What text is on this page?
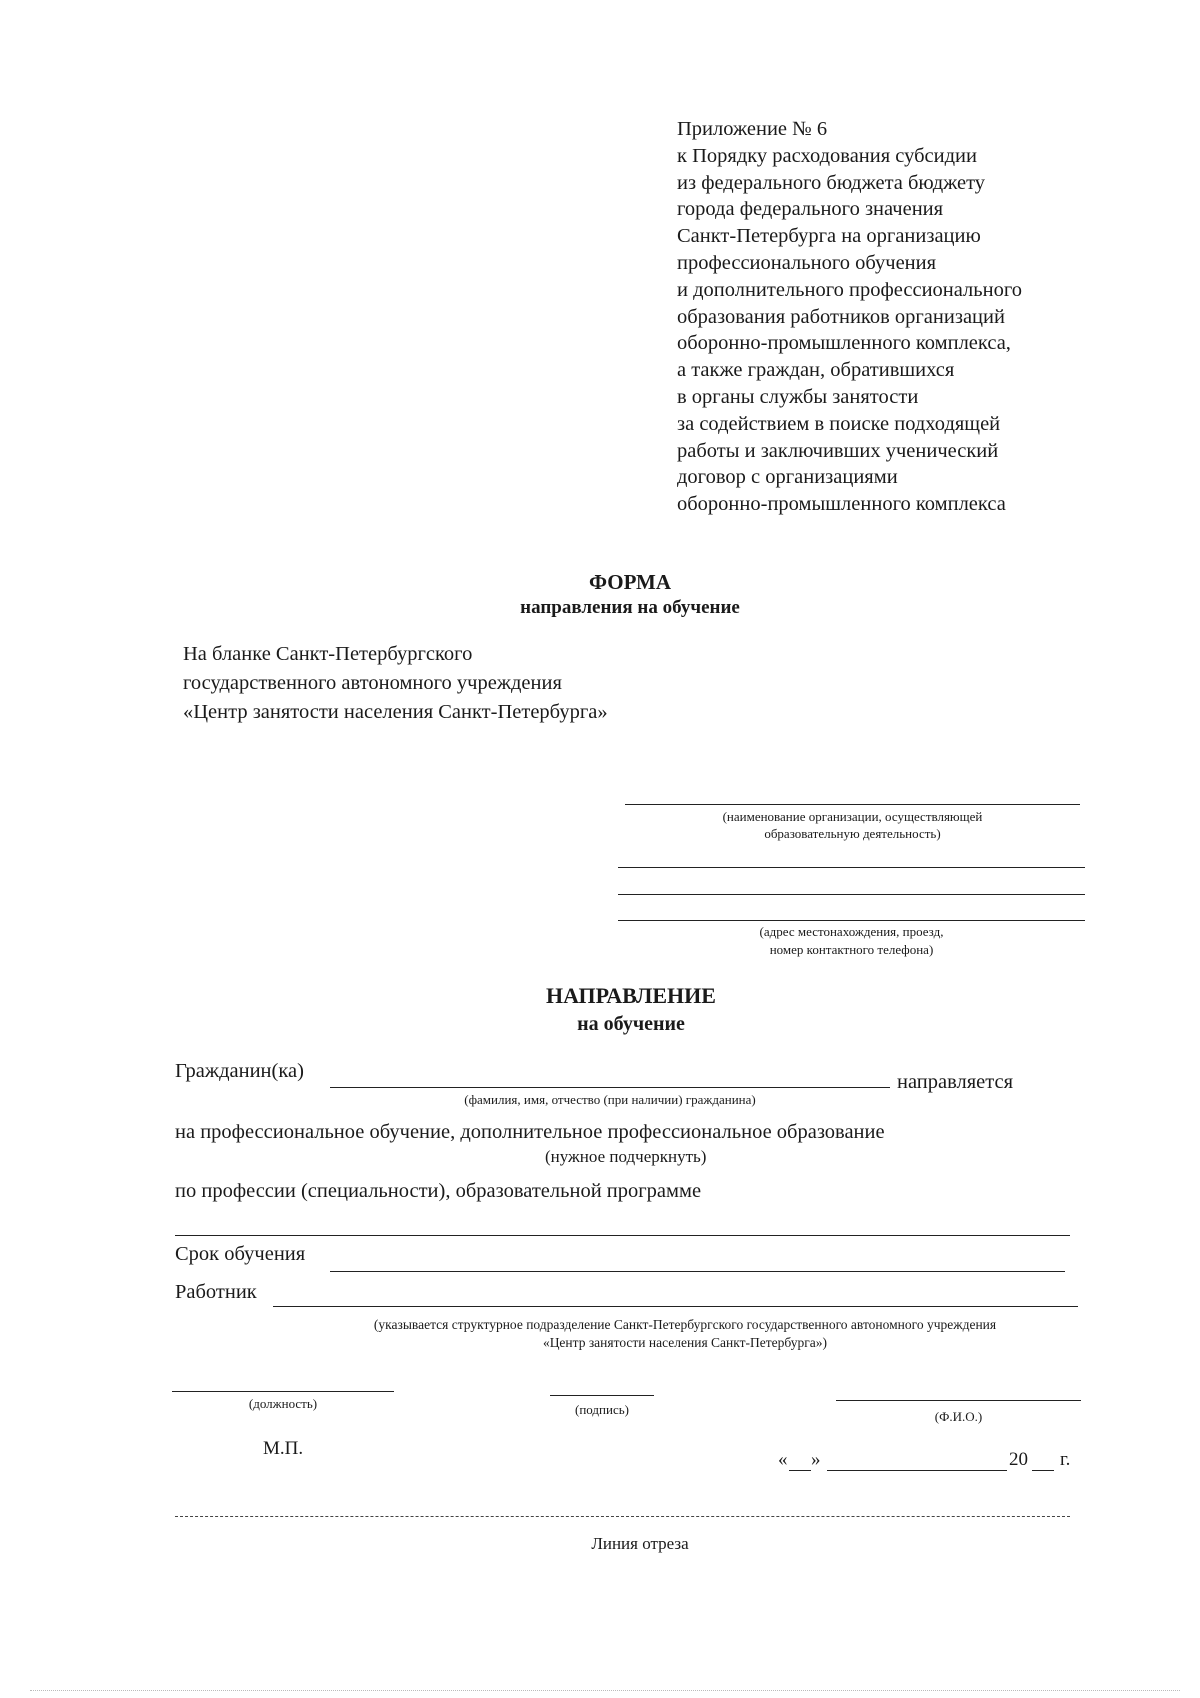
Приложение № 6
к Порядку расходования субсидии
из федерального бюджета бюджету
города федерального значения
Санкт-Петербурга на организацию
профессионального обучения
и дополнительного профессионального
образования работников организаций
оборонно-промышленного комплекса,
а также граждан, обратившихся
в органы службы занятости
за содействием в поиске подходящей
работы и заключивших ученический
договор с организациями
оборонно-промышленного комплекса
ФОРМА
направления на обучение
На бланке Санкт-Петербургского
государственного автономного учреждения
«Центр занятости населения Санкт-Петербурга»
(наименование организации, осуществляющей
образовательную деятельность)
(адрес местонахождения, проезд,
номер контактного телефона)
НАПРАВЛЕНИЕ
на обучение
Гражданин(ка)
(фамилия, имя, отчество (при наличии) гражданина)
направляется
на профессиональное обучение, дополнительное профессиональное образование
(нужное подчеркнуть)
по профессии (специальности), образовательной программе
Срок обучения
Работник
(указывается структурное подразделение Санкт-Петербургского государственного автономного учреждения
«Центр занятости населения Санкт-Петербурга»)
(должность)	(подпись)	(Ф.И.О.)
М.П.
« »	20 г.
Линия отреза
